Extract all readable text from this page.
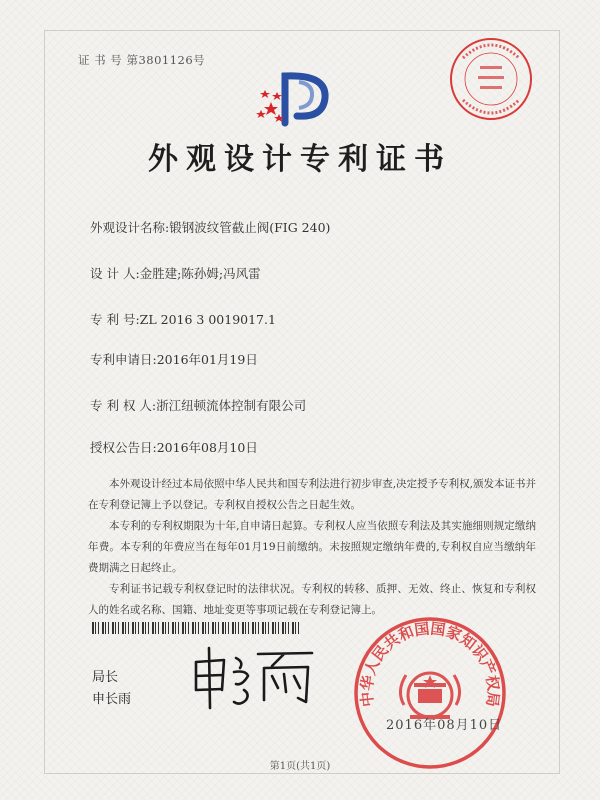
证 书 号 第3801126号
外观设计专利证书
外观设计名称:锻钢波纹管截止阀(FIG 240)
设 计 人:金胜建;陈孙姆;冯风雷
专 利 号:ZL 2016 3 0019017.1
专利申请日:2016年01月19日
专 利 权 人:浙江纽顿流体控制有限公司
授权公告日:2016年08月10日
本外观设计经过本局依照中华人民共和国专利法进行初步审查,决定授予专利权,颁发本证书并在专利登记簿上予以登记。专利权自授权公告之日起生效。
本专利的专利权期限为十年,自申请日起算。专利权人应当依照专利法及其实施细则规定缴纳年费。本专利的年费应当在每年01月19日前缴纳。未按照规定缴纳年费的,专利权自应当缴纳年费期满之日起终止。
专利证书记载专利权登记时的法律状况。专利权的转移、质押、无效、终止、恢复和专利权人的姓名或名称、国籍、地址变更等事项记载在专利登记簿上。
局长
申长雨	中华人民共和国国家知识产权局
2016年08月10日
第1页(共1页)
